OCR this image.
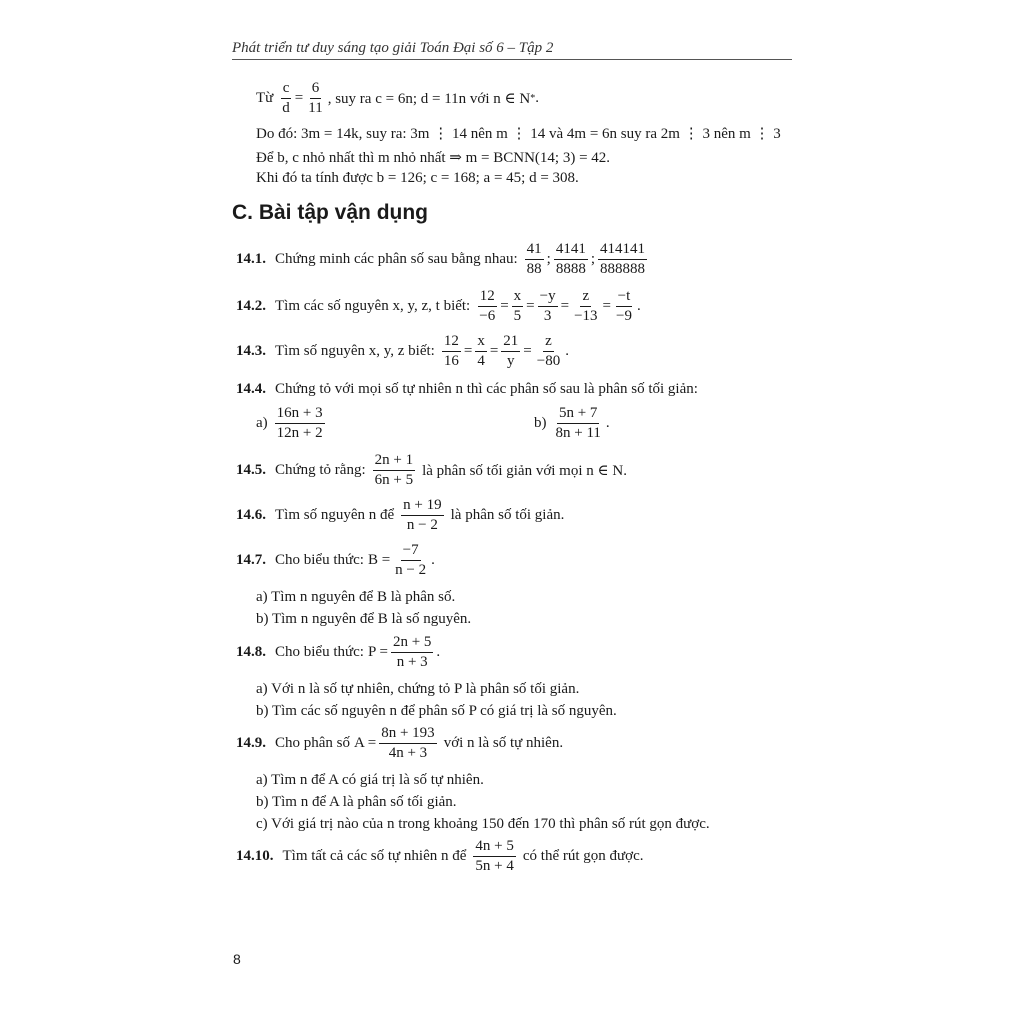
Phát triển tư duy sáng tạo giải Toán Đại số 6 – Tập 2
Từ $\frac{c}{d} = \frac{6}{11}$ , suy ra c = 6n; d = 11n với n ∈ N * .
Do đó: 3m = 14k, suy ra: 3m ⋮ 14 nên m ⋮ 14 và 4m = 6n suy ra 2m ⋮ 3 nên m ⋮ 3
Để b, c nhỏ nhất thì m nhỏ nhất ⇒ m = BCNN(14; 3) = 42.
Khi đó ta tính được b = 126; c = 168; a = 45; d = 308.
C. Bài tập vận dụng
14.1. Chứng minh các phân số sau bằng nhau: $\frac{41}{88}$ ; $\frac{4141}{8888}$ ; $\frac{414141}{888888}$
14.2. Tìm các số nguyên x, y, z, t biết: $\frac{12}{-6} = \frac{x}{5} = \frac{-y}{3} = \frac{z}{-13} = \frac{-t}{-9}$ .
14.3. Tìm số nguyên x, y, z biết: $\frac{12}{16} = \frac{x}{4} = \frac{21}{y} = \frac{z}{-80}$ .
14.4. Chứng tỏ với mọi số tự nhiên n thì các phân số sau là phân số tối giản:
$a) \frac{16n + 3}{12n + 2}$	$b) \frac{5n + 7}{8n + 11}$ .
14.5. Chứng tỏ rằng: $\frac{2n + 1}{6n + 5}$ là phân số tối giản với mọi n ∈ N.
14.6. Tìm số nguyên n để $\frac{n + 19}{n - 2}$ là phân số tối giản.
14.7. Cho biểu thức: $B = \frac{-7}{n - 2}$ .
a) Tìm n nguyên để B là phân số.
b) Tìm n nguyên để B là số nguyên.
14.8. Cho biểu thức: $P = \frac{2n + 5}{n + 3}$ .
a) Với n là số tự nhiên, chứng tỏ P là phân số tối giản.
b) Tìm các số nguyên n để phân số P có giá trị là số nguyên.
14.9. Cho phân số $A = \frac{8n + 193}{4n + 3}$ với n là số tự nhiên.
a) Tìm n để A có giá trị là số tự nhiên.
b) Tìm n để A là phân số tối giản.
c) Với giá trị nào của n trong khoảng 150 đến 170 thì phân số rút gọn được.
14.10. Tìm tất cả các số tự nhiên n để $\frac{4n + 5}{5n + 4}$ có thể rút gọn được.
8
